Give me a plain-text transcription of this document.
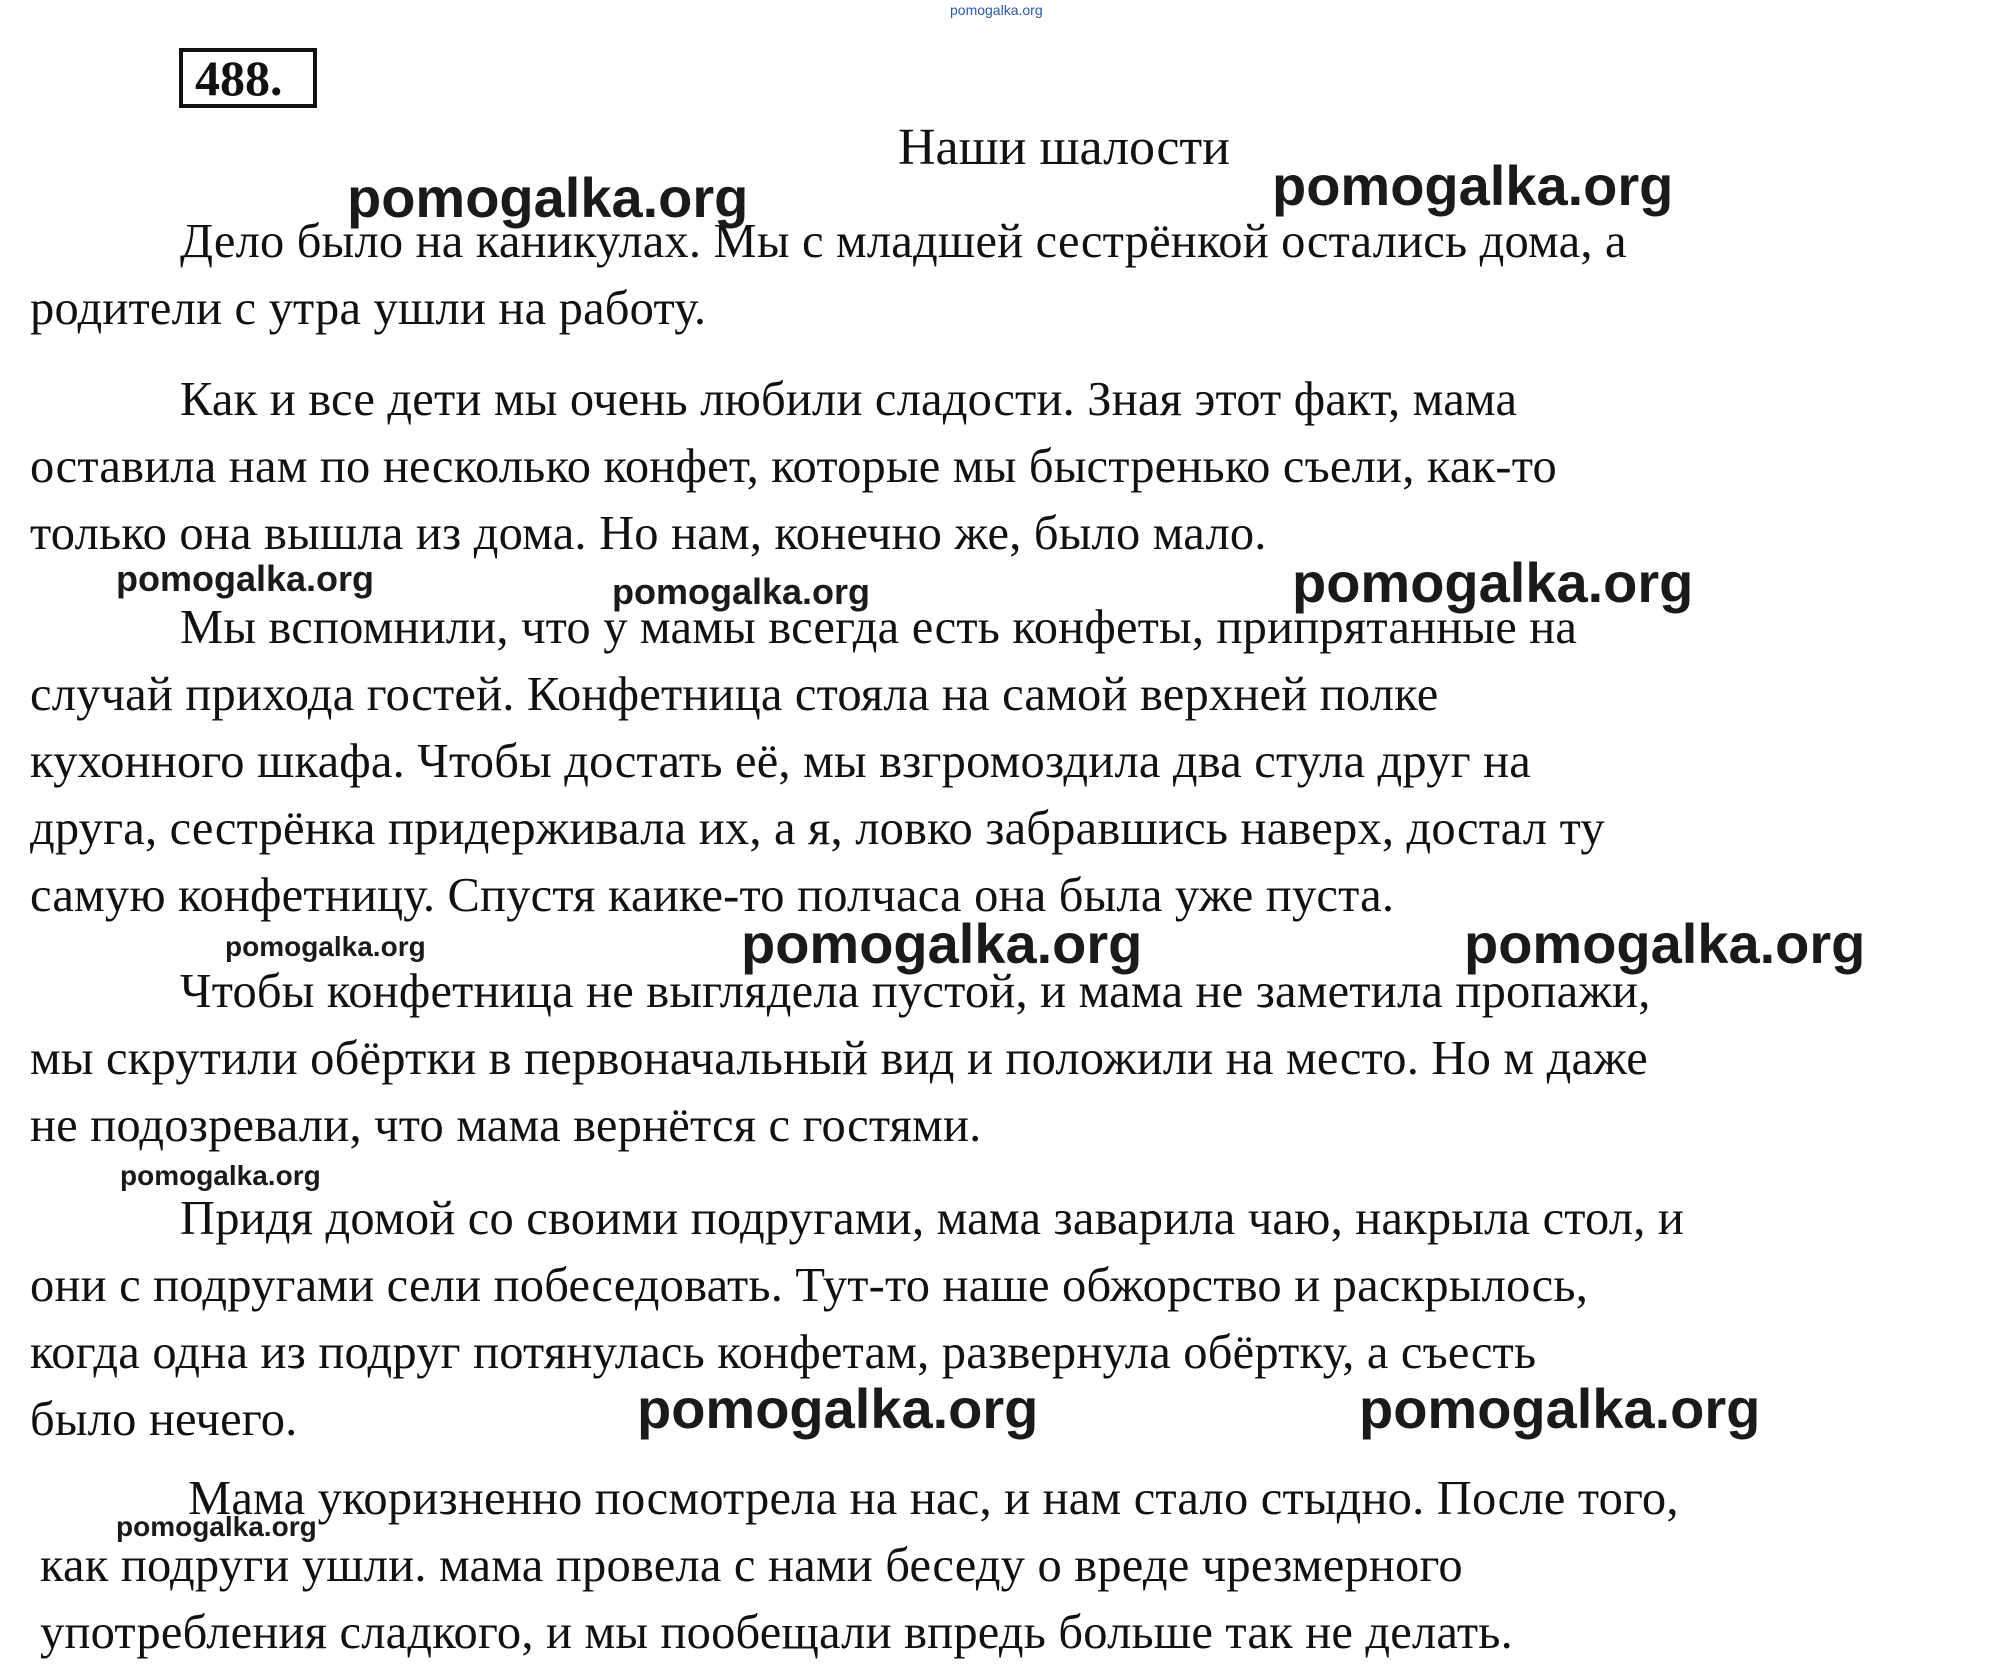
pomogalka.org
488.
Наши шалости
Дело было на каникулах. Мы с младшей сестрёнкой остались дома, а
родители с утра ушли на работу.
Как и все дети мы очень любили сладости. Зная этот факт, мама
оставила нам по несколько конфет, которые мы быстренько съели, как-то
только она вышла из дома. Но нам, конечно же, было мало.
Мы вспомнили, что у мамы всегда есть конфеты, припрятанные на
случай прихода гостей. Конфетница стояла на самой верхней полке
кухонного шкафа. Чтобы достать её, мы взгромоздила два стула друг на
друга, сестрёнка придерживала их, а я, ловко забравшись наверх, достал ту
самую конфетницу. Спустя каике-то полчаса она была уже пуста.
Чтобы конфетница не выглядела пустой, и мама не заметила пропажи,
мы скрутили обёртки в первоначальный вид и положили на место. Но м даже
не подозревали, что мама вернётся с гостями.
Придя домой со своими подругами, мама заварила чаю, накрыла стол, и
они с подругами сели побеседовать. Тут-то наше обжорство и раскрылось,
когда одна из подруг потянулась конфетам, развернула обёртку, а съесть
было нечего.
Мама укоризненно посмотрела на нас, и нам стало стыдно. После того,
как подруги ушли. мама провела с нами беседу о вреде чрезмерного
употребления сладкого, и мы пообещали впредь больше так не делать.
pomogalka.org	pomogalka.org
pomogalka.org	pomogalka.org	pomogalka.org
pomogalka.org	pomogalka.org	pomogalka.org
pomogalka.org
pomogalka.org	pomogalka.org
pomogalka.org
